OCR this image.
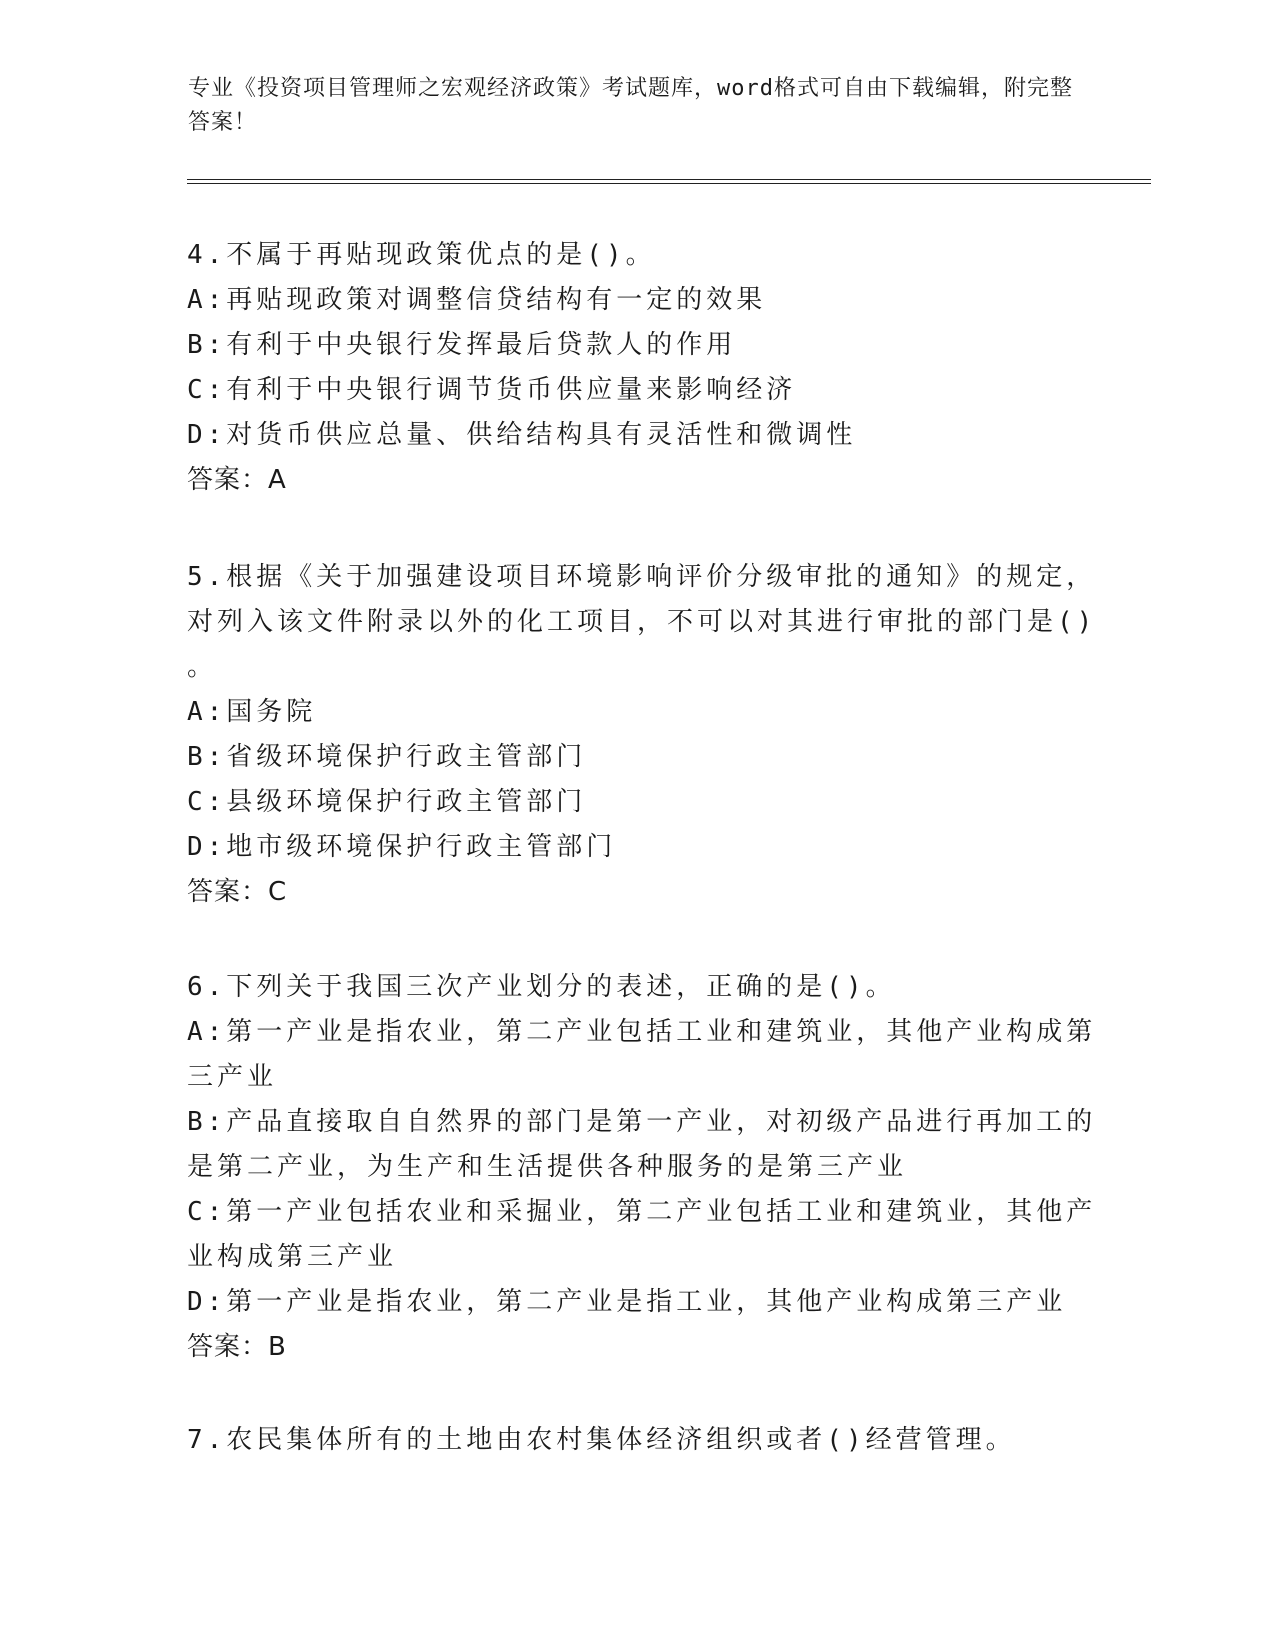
专业《投资项目管理师之宏观经济政策》考试题库，word格式可自由下载编辑，附完整答案！
4.不属于再贴现政策优点的是()。
A:再贴现政策对调整信贷结构有一定的效果
B:有利于中央银行发挥最后贷款人的作用
C:有利于中央银行调节货币供应量来影响经济
D:对货币供应总量、供给结构具有灵活性和微调性
答案：A
5.根据《关于加强建设项目环境影响评价分级审批的通知》的规定，
对列入该文件附录以外的化工项目，不可以对其进行审批的部门是()
。
A:国务院
B:省级环境保护行政主管部门
C:县级环境保护行政主管部门
D:地市级环境保护行政主管部门
答案：C
6.下列关于我国三次产业划分的表述，正确的是()。
A:第一产业是指农业，第二产业包括工业和建筑业，其他产业构成第
三产业
B:产品直接取自自然界的部门是第一产业，对初级产品进行再加工的
是第二产业，为生产和生活提供各种服务的是第三产业
C:第一产业包括农业和采掘业，第二产业包括工业和建筑业，其他产
业构成第三产业
D:第一产业是指农业，第二产业是指工业，其他产业构成第三产业
答案：B
7.农民集体所有的土地由农村集体经济组织或者()经营管理。
